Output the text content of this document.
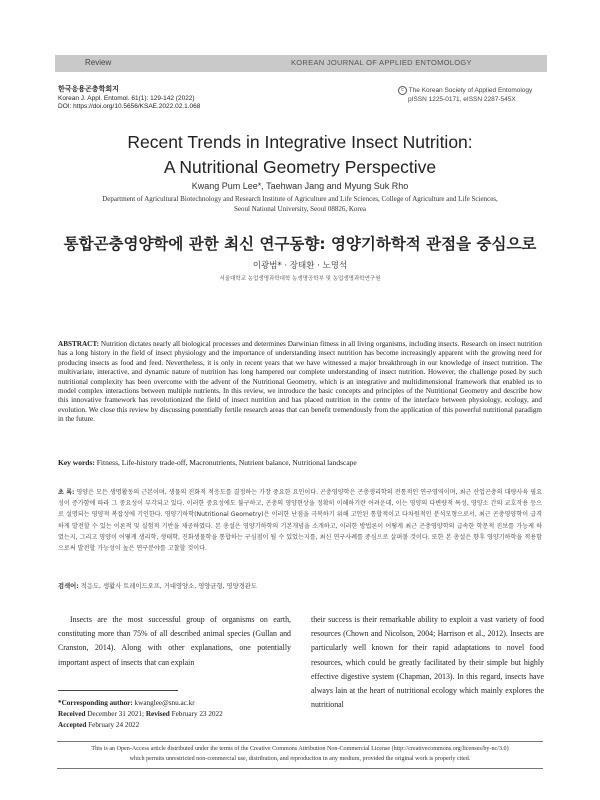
Review	KOREAN JOURNAL OF APPLIED ENTOMOLOGY
한국응용곤충학회지
Korean J. Appl. Entomol. 61(1): 129-142 (2022)
DOI: https://doi.org/10.5656/KSAE.2022.02.1.068
c The Korean Society of Applied Entomology
pISSN 1225-0171, eISSN 2287-545X
Recent Trends in Integrative Insect Nutrition:
A Nutritional Geometry Perspective
Kwang Pum Lee*, Taehwan Jang and Myung Suk Rho
Department of Agricultural Biotechnology and Research Institute of Agriculture and Life Sciences, College of Agriculture and Life Sciences,
Seoul National University, Seoul 08826, Korea
통합곤충영양학에 관한 최신 연구동향: 영양기하학적 관점을 중심으로
이광범* · 장태환 · 노명석
서울대학교 농업생명과학대학 농생명공학부 및 농업생명과학연구원
ABSTRACT: Nutrition dictates nearly all biological processes and determines Darwinian fitness in all living organisms, including insects. Research on insect nutrition has a long history in the field of insect physiology and the importance of understanding insect nutrition has become increasingly apparent with the growing need for producing insects as food and feed. Nevertheless, it is only in recent years that we have witnessed a major breakthrough in our knowledge of insect nutrition. The multivariate, interactive, and dynamic nature of nutrition has long hampered our complete understanding of insect nutrition. However, the challenge posed by such nutritional complexity has been overcome with the advent of the Nutritional Geometry, which is an integrative and multidimensional framework that enabled us to model complex interactions between multiple nutrients. In this review, we introduce the basic concepts and principles of the Nutritional Geometry and describe how this innovative framework has revolutionized the field of insect nutrition and has placed nutrition in the centre of the interface between physiology, ecology, and evolution. We close this review by discussing potentially fertile research areas that can benefit tremendously from the application of this powerful nutritional paradigm in the future.
Key words: Fitness, Life-history trade-off, Macronutrients, Nutrient balance, Nutritional landscape
초 록: 영양은 모든 생명활동의 근본이며, 생물의 진화적 적응도를 결정하는 가장 중요한 요인이다. 곤충영양학은 곤충생리학의 전통적인 연구영역이며, 최근 산업곤충의 대량사육 필요성이 증가함에 따라 그 중요성이 부각되고 있다. 이러한 중요성에도 불구하고, 곤충의 영양현상을 정확히 이해하기란 어려운데, 이는 영양의 다변량적 특성, 영양소 간의 교호작용 등으로 설명되는 영양적 복잡성에 기인한다. 영양기하학(Nutritional Geometry)은 이러한 난점을 극복하기 위해 고안된 통합적이고 다차원적인 분석모형으로서, 최근 곤충영양학이 급격하게 발전할 수 있는 이론적 및 실험적 기반을 제공하였다. 본 총설은 영양기하학의 기본개념을 소개하고, 이러한 방법론이 어떻게 최근 곤충영양학의 급속한 학문적 진보를 가능케 하였는지, 그리고 영양이 어떻게 생리학, 생태학, 진화생물학을 통합하는 구심점이 될 수 있었는지를, 최신 연구사례를 중심으로 살펴볼 것이다. 또한 본 총설은 향후 영양기하학을 적용함으로써 발전할 가능성이 높은 연구분야를 고찰할 것이다.
검색어: 적응도, 생활사 트레이드오프, 거대영양소, 영양균형, 영양경관도
Insects are the most successful group of organisms on earth, constituting more than 75% of all described animal species (Gullan and Cranston, 2014). Along with other explanations, one potentially important aspect of insects that can explain
their success is their remarkable ability to exploit a vast variety of food resources (Chown and Nicolson, 2004; Harrison et al., 2012). Insects are particularly well known for their rapid adaptations to novel food resources, which could be greatly facilitated by their simple but highly effective digestive system (Chapman, 2013). In this regard, insects have always lain at the heart of nutritional ecology which mainly explores the nutritional
*Corresponding author: kwanglee@snu.ac.kr
Received December 31 2021; Revised February 23 2022
Accepted February 24 2022
This is an Open-Access article distributed under the terms of the Creative Commons Attribution Non-Commercial License (http://creativecommons.org/licenses/by-nc/3.0)
which permits unrestricted non-commercial use, distribution, and reproduction in any medium, provided the original work is properly cited.
